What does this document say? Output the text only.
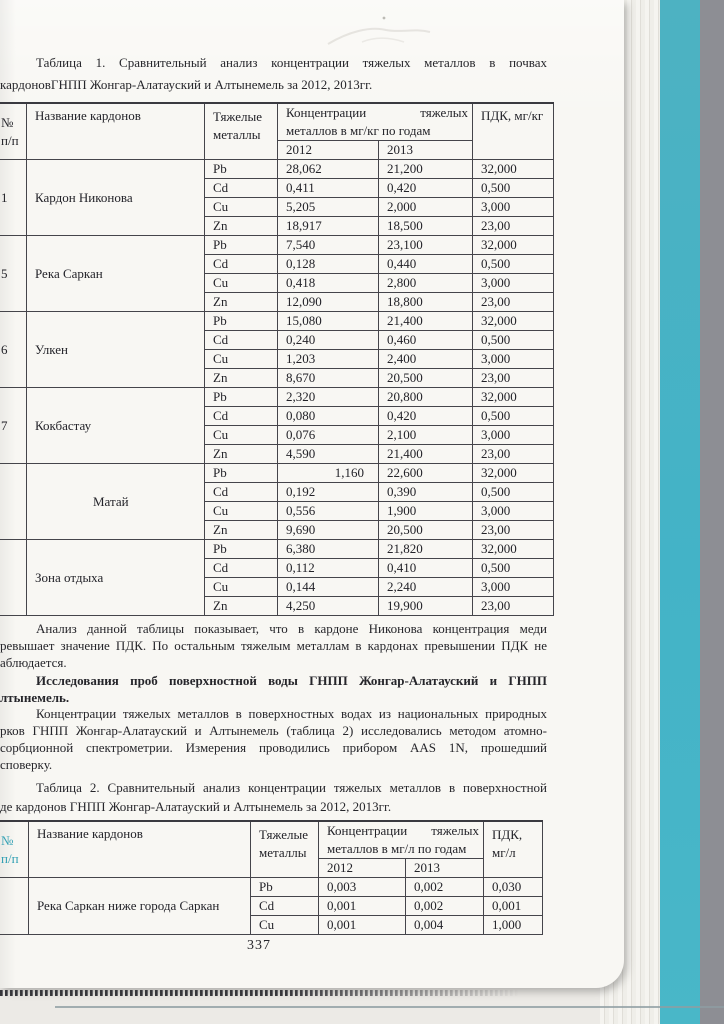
Таблица 1. Сравнительный анализ концентрации тяжелых металлов в почвах
кардоновГНПП Жонгар-Алатауский и Алтынемель за 2012, 2013гг.
№
п/п
	Название кардонов	Тяжелые
металлы

Концентрации тяжелых
металлов в мг/кг по годам
	ПДК, мг/кг
			2012	2013	
1	Кардон Никонова	Pb	28,062	21,200	32,000
		Cd	0,411	0,420	0,500
		Cu	5,205	2,000	3,000
		Zn	18,917	18,500	23,00
5	Река Саркан	Pb	7,540	23,100	32,000
		Cd	0,128	0,440	0,500
		Cu	0,418	2,800	3,000
		Zn	12,090	18,800	23,00
6	Улкен	Pb	15,080	21,400	32,000
		Cd	0,240	0,460	0,500
		Cu	1,203	2,400	3,000
		Zn	8,670	20,500	23,00
7	Кокбастау	Pb	2,320	20,800	32,000
		Cd	0,080	0,420	0,500
		Cu	0,076	2,100	3,000
		Zn	4,590	21,400	23,00
	Матай	Pb	1,160	22,600	32,000
		Cd	0,192	0,390	0,500
		Cu	0,556	1,900	3,000
		Zn	9,690	20,500	23,00
	Зона отдыха	Pb	6,380	21,820	32,000
		Cd	0,112	0,410	0,500
		Cu	0,144	2,240	3,000
		Zn	4,250	19,900	23,00
Анализ данной таблицы показывает, что в кардоне Никонова концентрация меди
ревышает значение ПДК. По остальным тяжелым металлам в кардонах превышении ПДК не
аблюдается.
Исследования проб поверхностной воды ГНПП Жонгар-Алатауский и ГНПП
лтынемель.
Концентрации тяжелых металлов в поверхностных водах из национальных природных
рков ГНПП Жонгар-Алатауский и Алтынемель (таблица 2) исследовались методом атомно-
сорбционной спектрометрии. Измерения проводились прибором AAS 1N, прошедший
споверку.
Таблица 2. Сравнительный анализ концентрации тяжелых металлов в поверхностной
де кардонов ГНПП Жонгар-Алатауский и Алтынемель за 2012, 2013гг.
№
п/п
	Название кардонов	Тяжелые
металлы

Концентрации тяжелых
металлов в мг/л по годам

ПДК,
мг/л

			2012	2013	
	Река Саркан ниже города Саркан	Pb	0,003	0,002	0,030
		Cd	0,001	0,002	0,001
		Cu	0,001	0,004	1,000
337
